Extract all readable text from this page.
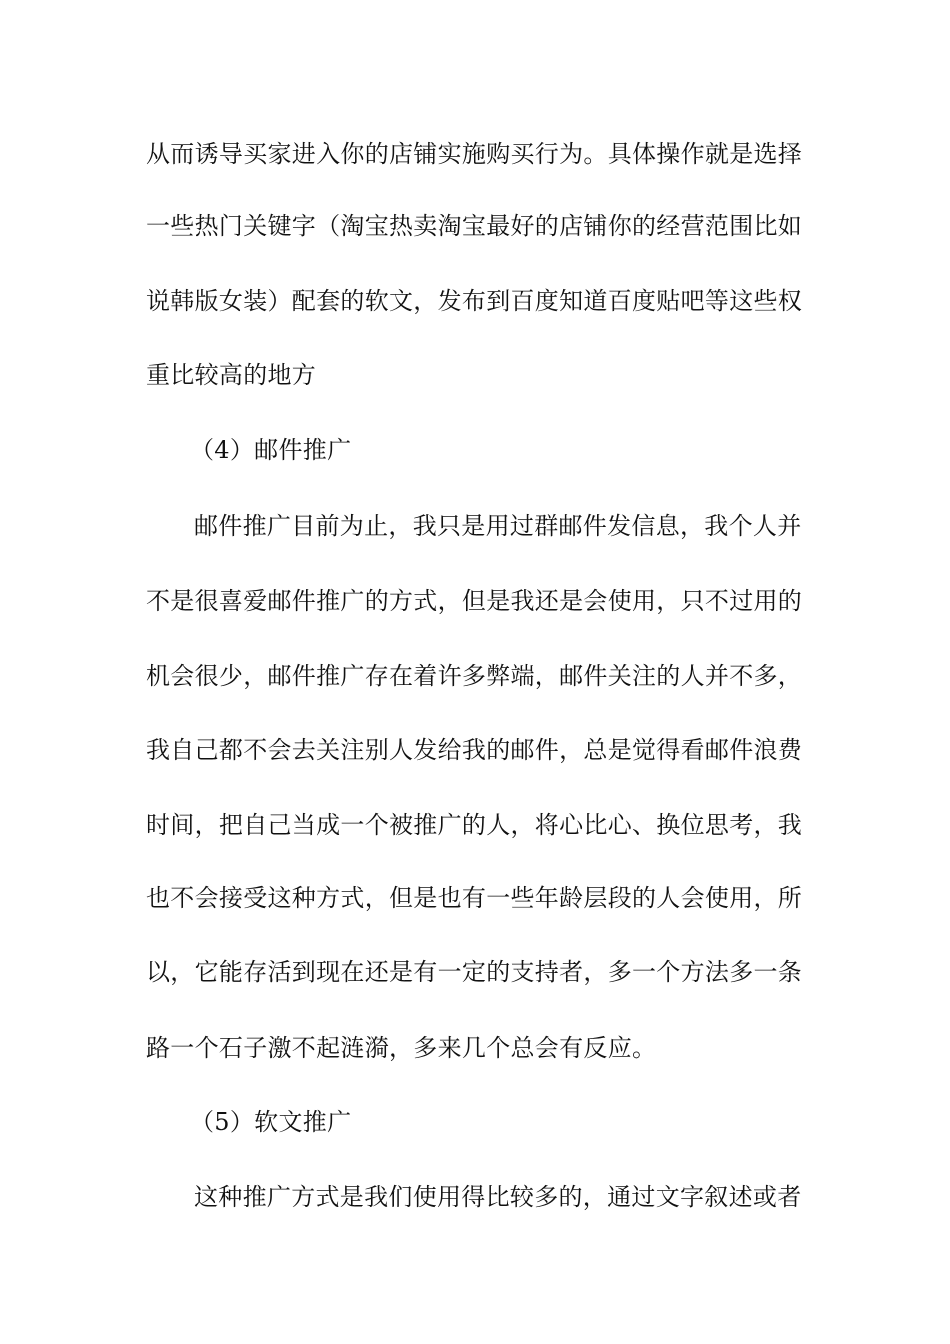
从而诱导买家进入你的店铺实施购买行为。具体操作就是选择
一些热门关键字（淘宝热卖淘宝最好的店铺你的经营范围比如
说韩版女装）配套的软文，发布到百度知道百度贴吧等这些权
重比较高的地方
（4）邮件推广
邮件推广目前为止，我只是用过群邮件发信息，我个人并
不是很喜爱邮件推广的方式，但是我还是会使用，只不过用的
机会很少，邮件推广存在着许多弊端，邮件关注的人并不多，
我自己都不会去关注别人发给我的邮件，总是觉得看邮件浪费
时间，把自己当成一个被推广的人，将心比心、换位思考，我
也不会接受这种方式，但是也有一些年龄层段的人会使用，所
以，它能存活到现在还是有一定的支持者，多一个方法多一条
路一个石子激不起涟漪，多来几个总会有反应。
（5）软文推广
这种推广方式是我们使用得比较多的，通过文字叙述或者
